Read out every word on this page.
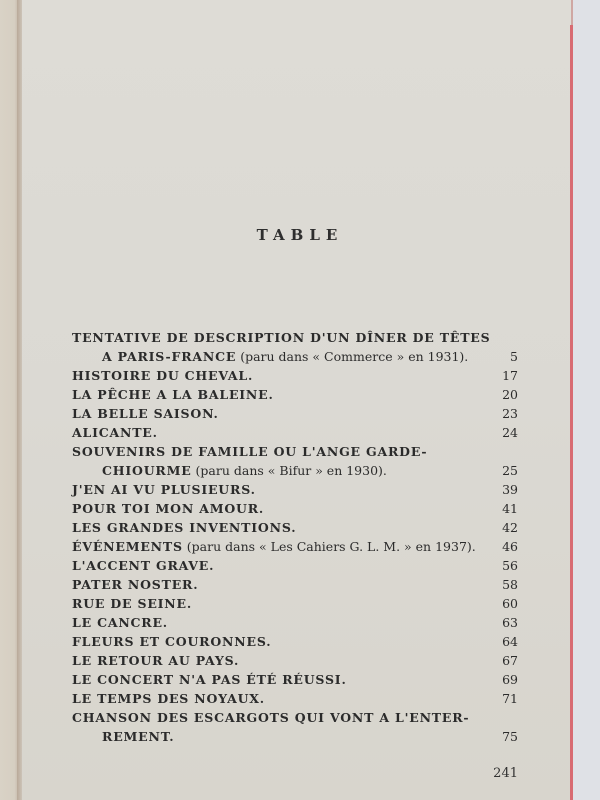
TABLE
TENTATIVE DE DESCRIPTION D'UN DÎNER DE TÊTES
A PARIS-FRANCE (paru dans « Commerce » en 1931).	5
HISTOIRE DU CHEVAL.	17
LA PÊCHE A LA BALEINE.	20
LA BELLE SAISON.	23
ALICANTE.	24
SOUVENIRS DE FAMILLE OU L'ANGE GARDE-
CHIOURME (paru dans « Bifur » en 1930).	25
J'EN AI VU PLUSIEURS.	39
POUR TOI MON AMOUR.	41
LES GRANDES INVENTIONS.	42
ÉVÉNEMENTS (paru dans « Les Cahiers G. L. M. » en 1937).	46
L'ACCENT GRAVE.	56
PATER NOSTER.	58
RUE DE SEINE.	60
LE CANCRE.	63
FLEURS ET COURONNES.	64
LE RETOUR AU PAYS.	67
LE CONCERT N'A PAS ÉTÉ RÉUSSI.	69
LE TEMPS DES NOYAUX.	71
CHANSON DES ESCARGOTS QUI VONT A L'ENTER-
REMENT.	75
241
